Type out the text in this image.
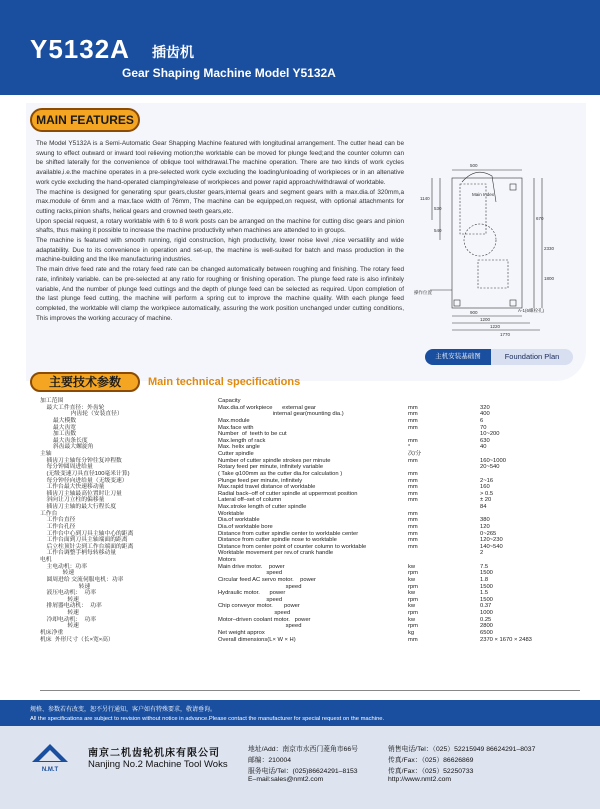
Y5132A 插齿机
Gear Shaping Machine Model Y5132A
MAIN FEATURES

The Model Y5132A is a Semi-Automatic Gear Shapping Machine featured with longitudinal arrangement. The cutter head can be swung to effect outward or inward tool relieving motion;the worktable can be moved for plunge feed;and the counter column can be shifted laterally for the convenience of oblique tool withdrawal.The machine operation. There are two kinds of work cycles available,i.e.the machine operates in a pre-selected work cycle excluding the loading/unloading of workpieces or in an altenative work cycle excluding the hand-operated clamping/release of workpieces and power rapid approach/withdrawal of worktable.

The machine is designed for generating spur gears,cluster gears,internal gears and segment gears with a max.dia.of 320mm,a max.module of 6mm and a max.face width of 76mm, The machine can be equipped,on request, with optional attachments for cutting racks,pinion shafts, helical gears and crowned teeth gears,etc.

Upon special request, a rotary worktable with 6 to 8 work posts can be arranged on the machine for cutting disc gears and pinion shafts, thus making it possible to increase the machine productivity when machines are attended to in groups.

The machine is featured with smooth running, rigid construction, high productivity, lower noise level ,nice versatility and wide adaptability. Due to its convenience in operation and set-up, the machine is well-suited for batch and mass production in the machine-building and the like manufacturing industries.

The main drive feed rate and the rotary feed rate can be changed automatically between roughing and finishing. The rotary feed rate, infinitely variable. can be pre-selected at any ratio for roughing or finishing operation. The plunge feed rate is also infinitely variable, And the number of plunge feed cuttings and the depth of plunge feed can be selected as required. Upon completion of the last plunge feed cutting, the machine will perform a spring cut to improve the machine quality. With each plunge feed completed, the worktable will clamp the workpiece automatically, assuring the work position unchanged under cutting conditions, This improves the working accuracy of machine.

500
1140
530
540
670
2330
1800
900
1200
1220
1770
Main Index
操作位置
A-1(6螺栓孔)
主机安装基础图	Foundation Plan
主要技术参数	Main technical specifications
加工范围	Capacity
最大工件直径：外齿轮	Max.dia.of workpiece      external gear	mm	320
内齿轮（安装直径）	internal gear(mounting dia.)	mm	400
最大模数	Max.module	mm	6
最大齿宽	Max.face with	mm	70
加工齿数	Number  of  teeth to be cut	10~200
最大齿条长度	Max.length of rack	mm	630
斜齿最大螺旋角	Max. helix angle	°	40
主轴	Cutter spindle	次/分
插齿刀主轴每分钟往复冲程数	Number of cutter spindle strokes per minute	mm	160~1000
每分钟圆周进给量	Rotary feed per minute, infinitely variable	20~540
(无级变速刀具直径100毫米计算)	( Take φ100mm as the cutter dia.for calculation )	mm
每分钟径向进给量（无级变速）	Plunge feed per minute, infinitely	mm	2~16
工作台最大快速移动量	Max.rapid travel distance of worktable	mm	160
插齿刀主轴最高位置时让刀量	Radial back–off of cutter spindle at uppermost position	mm	> 0.5
斜向让刀立柱的偏移量	Lateral off–set of column	mm	± 20
插齿刀主轴的最大行程长度	Max.stroke length of cutter spindle	84
工作台	Worktable	mm
工作台直径	Dia.of worktable	mm	380
工作台孔径	Dia.of worktable bore	mm	120
工作台中心到刀具主轴中心的距离	Distance from cutter spindle center to worktable center	mm	0~265
工作台面到刀具主轴端面的距离	Distance from cutter spindle nose to worktable	mm	120~230
后立柱顶针尖到工作台端面的距离	Distance from center point of counter column to worktable	mm	140~540
工作台调整手柄每转移动量	Worktable movement per rev.of crank handle	2
电机	Motors
主电动机：功率	Main drive motor.    power	kw	7.5
转速	speed	rpm	1500
圆周进给 交流伺服电机：功率	Circular feed AC servo motor.    power	kw	1.8
转速	speed	rpm	1500
液压电动机：  功率	Hydraulic motor.      power	kw	1.5
转速	speed	rpm	1500
排屑器电动机：  功率	Chip conveyor motor.       power	kw	0.37
转速	speed	rpm	1000
冷却电动机：  功率	Motor–driven coolant motor.   power	kw	0.25
转速	speed	rpm	2800
机床净重	Net weight approx	kg	6500
机床  外形尺寸（长×宽×高）	Overall dimensions(L× W × H)	mm	2370 × 1670 × 2483
规格、参数若有改变，恕不另行通知，客户如有特殊要求，敬请垂询。
All the specifications are subject to revision without notice in advance.Please contact the manufacturer for special request on the machine.
N.M.T
南京二机齿轮机床有限公司
Nanjing No.2 Machine Tool Woks
地址/Add：南京市水西门菱角市66号
邮编：210004
服务电话/Tel：(025)86624291–8153
E–mail:sales@nmt2.com
销售电话/Tel：（025）52215949 86624291–8037
传真/Fax：（025）86626869
传真/Fax：（025）52250733
http://www.nmt2.com
